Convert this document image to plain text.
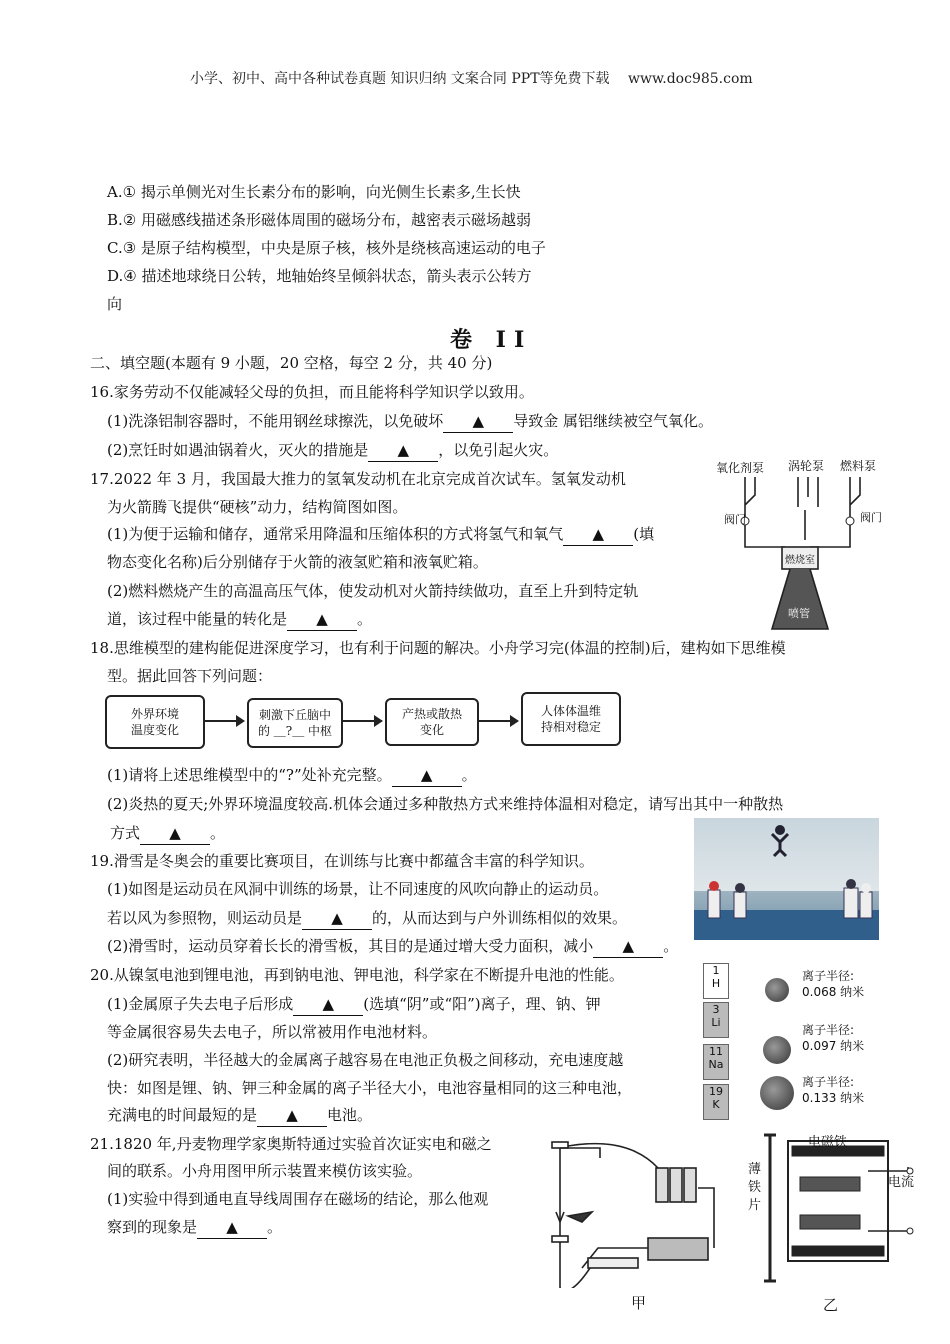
小学、初中、高中各种试卷真题 知识归纳 文案合同 PPT等免费下载　 www.doc985.com
A.① 揭示单侧光对生长素分布的影响，向光侧生长素多,生长快
B.② 用磁感线描述条形磁体周围的磁场分布，越密表示磁场越弱
C.③ 是原子结构模型，中央是原子核，核外是绕核高速运动的电子
D.④ 描述地球绕日公转，地轴始终呈倾斜状态，箭头表示公转方
向
卷 II
二、填空题(本题有 9 小题，20 空格，每空 2 分，共 40 分)
16.家务劳动不仅能减轻父母的负担，而且能将科学知识学以致用。
(1)洗涤铝制容器时，不能用钢丝球擦洗，以免破坏 ▲ 导致金 属铝继续被空气氧化。
(2)烹饪时如遇油锅着火，灭火的措施是 ▲ ，以免引起火灾。
17.2022 年 3 月，我国最大推力的氢氧发动机在北京完成首次试车。氢氧发动机
为火箭腾飞提供“硬核”动力，结构简图如图。
(1)为便于运输和储存，通常采用降温和压缩体积的方式将氢气和氧气 ▲ (填
物态变化名称)后分别储存于火箭的液氢贮箱和液氧贮箱。
(2)燃料燃烧产生的高温高压气体，使发动机对火箭持续做功，直至上升到特定轨
道，该过程中能量的转化是 ▲ 。
氧化剂泵 涡轮泵 燃料泵
阀门	阀门
燃烧室
喷管
18.思维模型的建构能促进深度学习，也有利于问题的解决。小舟学习完(体温的控制)后，建构如下思维模
型。据此回答下列问题：
外界环境
温度变化
刺激下丘脑中
的 ＿?＿ 中枢
产热或散热
变化
人体体温维
持相对稳定
(1)请将上述思维模型中的“?”处补充完整。 ▲ 。
(2)炎热的夏天;外界环境温度较高.机体会通过多种散热方式来维持体温相对稳定，请写出其中一种散热
方式 ▲ 。
19.滑雪是冬奥会的重要比赛项目，在训练与比赛中都蕴含丰富的科学知识。
(1)如图是运动员在风洞中训练的场景，让不同速度的风吹向静止的运动员。
若以风为参照物，则运动员是 ▲ 的，从而达到与户外训练相似的效果。
(2)滑雪时，运动员穿着长长的滑雪板，其目的是通过增大受力面积，减小 ▲ 。
20.从镍氢电池到锂电池，再到钠电池、钾电池，科学家在不断提升电池的性能。
(1)金属原子失去电子后形成 ▲ (选填“阴”或“阳”)离子，理、钠、钾
等金属很容易失去电子，所以常被用作电池材料。
(2)研究表明，半径越大的金属离子越容易在电池正负极之间移动，充电速度越
快：如图是锂、钠、钾三种金属的离子半径大小，电池容量相同的这三种电池，
充满电的时间最短的是 ▲ 电池。
1
H
3
Li
11
Na
19
K
离子半径:
0.068 纳米
离子半径:
0.097 纳米
离子半径:
0.133 纳米
21.1820 年,丹麦物理学家奥斯特通过实验首次证实电和磁之
间的联系。小舟用图甲所示装置来模仿该实验。
(1)实验中得到通电直导线周围存在磁场的结论，那么他观
察到的现象是 ▲ 。
甲
电磁铁
电流
薄
铁
片
乙
